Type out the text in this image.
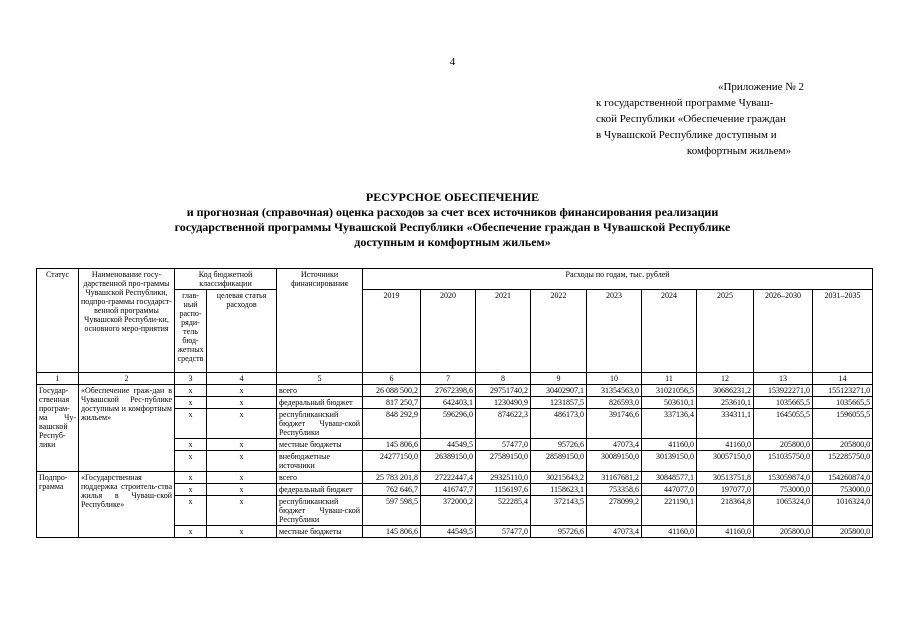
4
«Приложение № 2
к государственной программе Чуваш-
ской Республики «Обеспечение граждан
в Чувашской Республике доступным и
комфортным жильем»
РЕСУРСНОЕ ОБЕСПЕЧЕНИЕ
и прогнозная (справочная) оценка расходов за счет всех источников финансирования реализации
государственной программы Чувашской Республики «Обеспечение граждан в Чувашской Республике
доступным и комфортным жильем»
Статус	Наименование госу-дарственной про-граммы Чувашской Республики, подпро-граммы государст-венной программы Чувашской Республи-ки, основного меро-приятия	Код бюджетной классификации		Источники финансирования	Расходы по годам, тыс. рублей								
		глав-ный распо-ряди-тель бюд-жетных средств	целевая статья расходов		2019	2020	2021	2022	2023	2024	2025	2026–2030	2031–2035

1	2	3	4	5	6	7	8	9	10	11	12	13	14
Государ-ственная програм-ма Чу-вашской Респуб-лики	«Обеспечение граж-дан в Чувашской Рес-публике доступным и комфортным жильем»	х	х	всего	26 088 500,2	27672398,6	29751740,2	30402907,1	31354563,0	31021056,5	30686231,2	153922271,0	155123271,0
		х	х	федеральный бюджет	817 250,7	642403,1	1230490,9	1231857,5	826593,0	503610,1	253610,1	1035665,5	1035665,5
		х	х	республиканский бюджет Чуваш-ской Республики	848 292,9	596296,0	874622,3	486173,0	391746,6	337136,4	334311,1	1645055,5	1596055,5
		х	х	местные бюджеты	145 806,6	44549,5	57477,0	95726,6	47073,4	41160,0	41160,0	205800,0	205800,0
		х	х	внебюджетные источники	24277150,0	26389150,0	27589150,0	28589150,0	30089150,0	30139150,0	30057150,0	151035750,0	152285750,0
Подпро-грамма	«Государственная поддержка строитель-ства жилья в Чуваш-ской Республике»	х	х	всего	25 783 201,8	27222447,4	29325110,0	30215643,2	31167681,2	30848577,1	30513751,8	153059874,0	154260874,0
		х	х	федеральный бюджет	762 646,7	416747,7	1156197,6	1158623,1	753358,6	447077,0	197077,0	753000,0	753000,0
		х	х	республиканский бюджет Чуваш-ской Республики	597 598,5	372000,2	522285,4	372143,5	278099,2	221190,1	218364,8	1065324,0	1016324,0
		х	х	местные бюджеты	145 806,6	44549,5	57477,0	95726,6	47073,4	41160,0	41160,0	205800,0	205800,0
